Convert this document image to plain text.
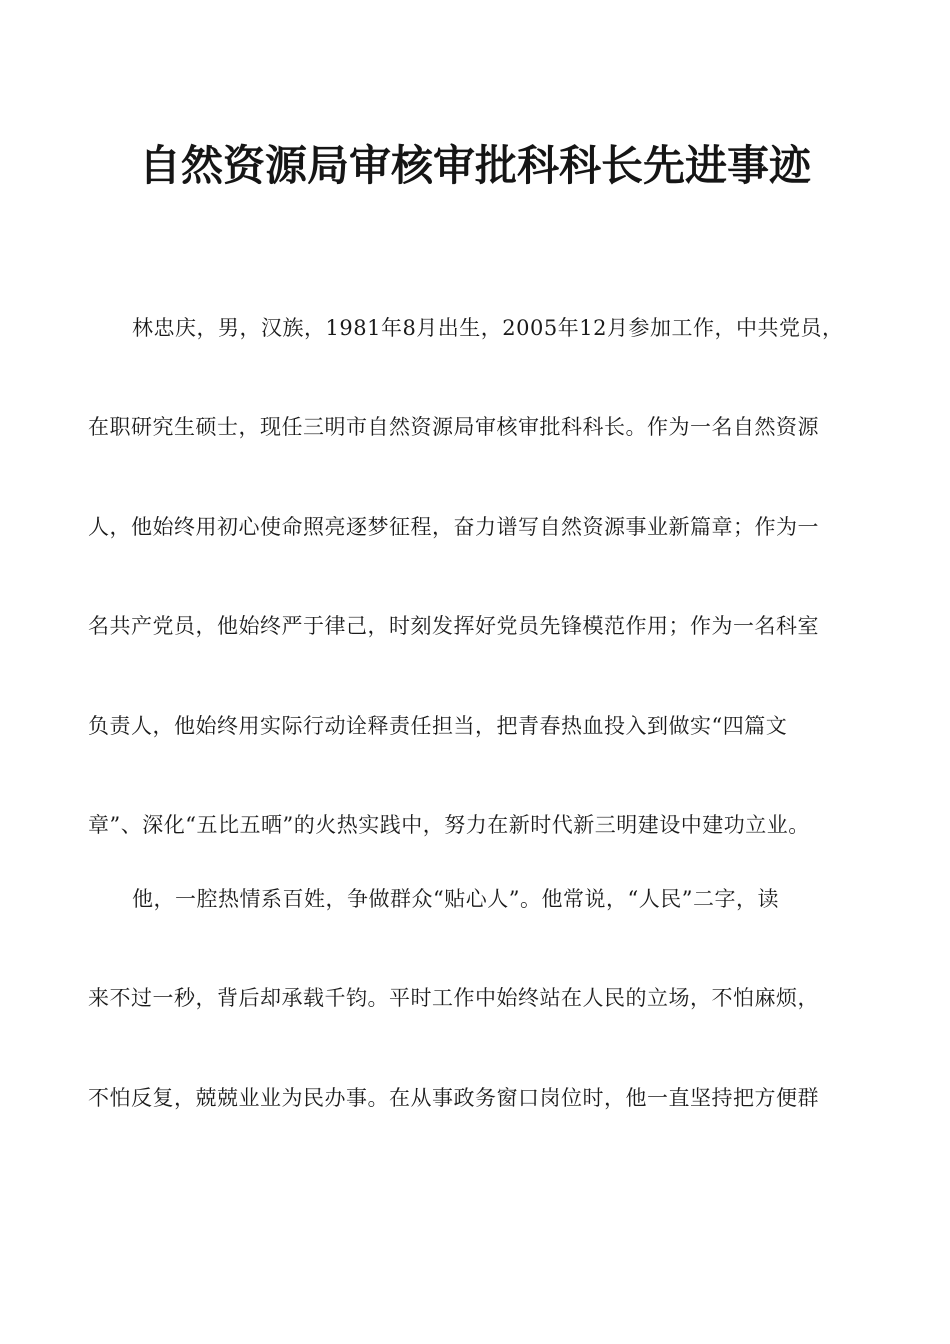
自然资源局审核审批科科长先进事迹
林忠庆，男，汉族，1981年8月出生，2005年12月参加工作，中共党员，
在职研究生硕士，现任三明市自然资源局审核审批科科长。作为一名自然资源
人，他始终用初心使命照亮逐梦征程，奋力谱写自然资源事业新篇章；作为一
名共产党员，他始终严于律己，时刻发挥好党员先锋模范作用；作为一名科室
负责人，他始终用实际行动诠释责任担当，把青春热血投入到做实“四篇文
章”、深化“五比五晒”的火热实践中，努力在新时代新三明建设中建功立业。
他，一腔热情系百姓，争做群众“贴心人”。他常说，“人民”二字，读
来不过一秒，背后却承载千钧。平时工作中始终站在人民的立场，不怕麻烦，
不怕反复，兢兢业业为民办事。在从事政务窗口岗位时，他一直坚持把方便群
